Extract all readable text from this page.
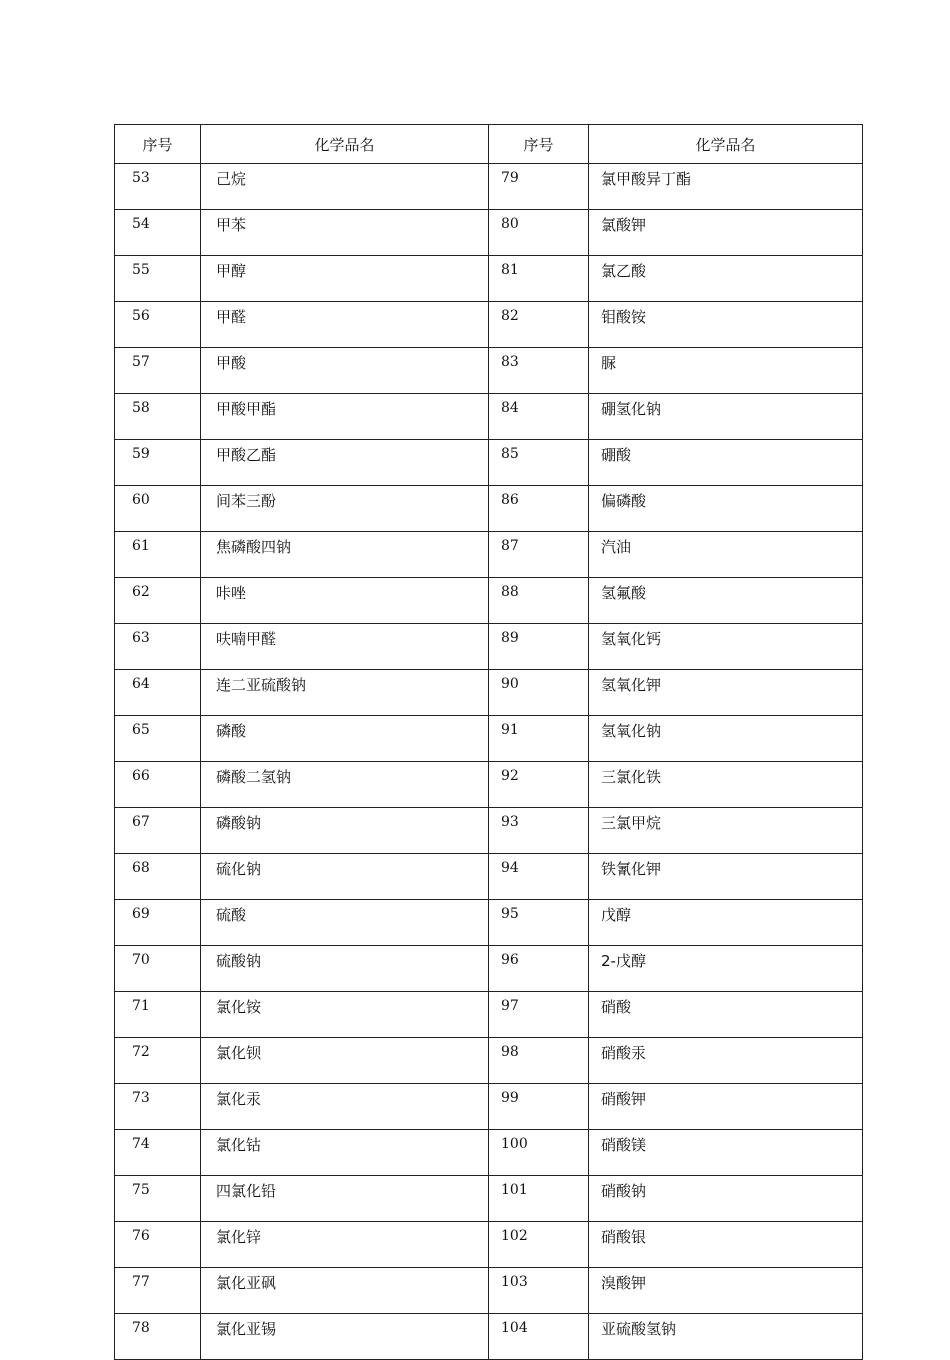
序号	化学品名	序号	化学品名
53	己烷	79	氯甲酸异丁酯
54	甲苯	80	氯酸钾
55	甲醇	81	氯乙酸
56	甲醛	82	钼酸铵
57	甲酸	83	脲
58	甲酸甲酯	84	硼氢化钠
59	甲酸乙酯	85	硼酸
60	间苯三酚	86	偏磷酸
61	焦磷酸四钠	87	汽油
62	咔唑	88	氢氟酸
63	呋喃甲醛	89	氢氧化钙
64	连二亚硫酸钠	90	氢氧化钾
65	磷酸	91	氢氧化钠
66	磷酸二氢钠	92	三氯化铁
67	磷酸钠	93	三氯甲烷
68	硫化钠	94	铁氰化钾
69	硫酸	95	戊醇
70	硫酸钠	96	2-戊醇
71	氯化铵	97	硝酸
72	氯化钡	98	硝酸汞
73	氯化汞	99	硝酸钾
74	氯化钴	100	硝酸镁
75	四氯化铅	101	硝酸钠
76	氯化锌	102	硝酸银
77	氯化亚砜	103	溴酸钾
78	氯化亚锡	104	亚硫酸氢钠
